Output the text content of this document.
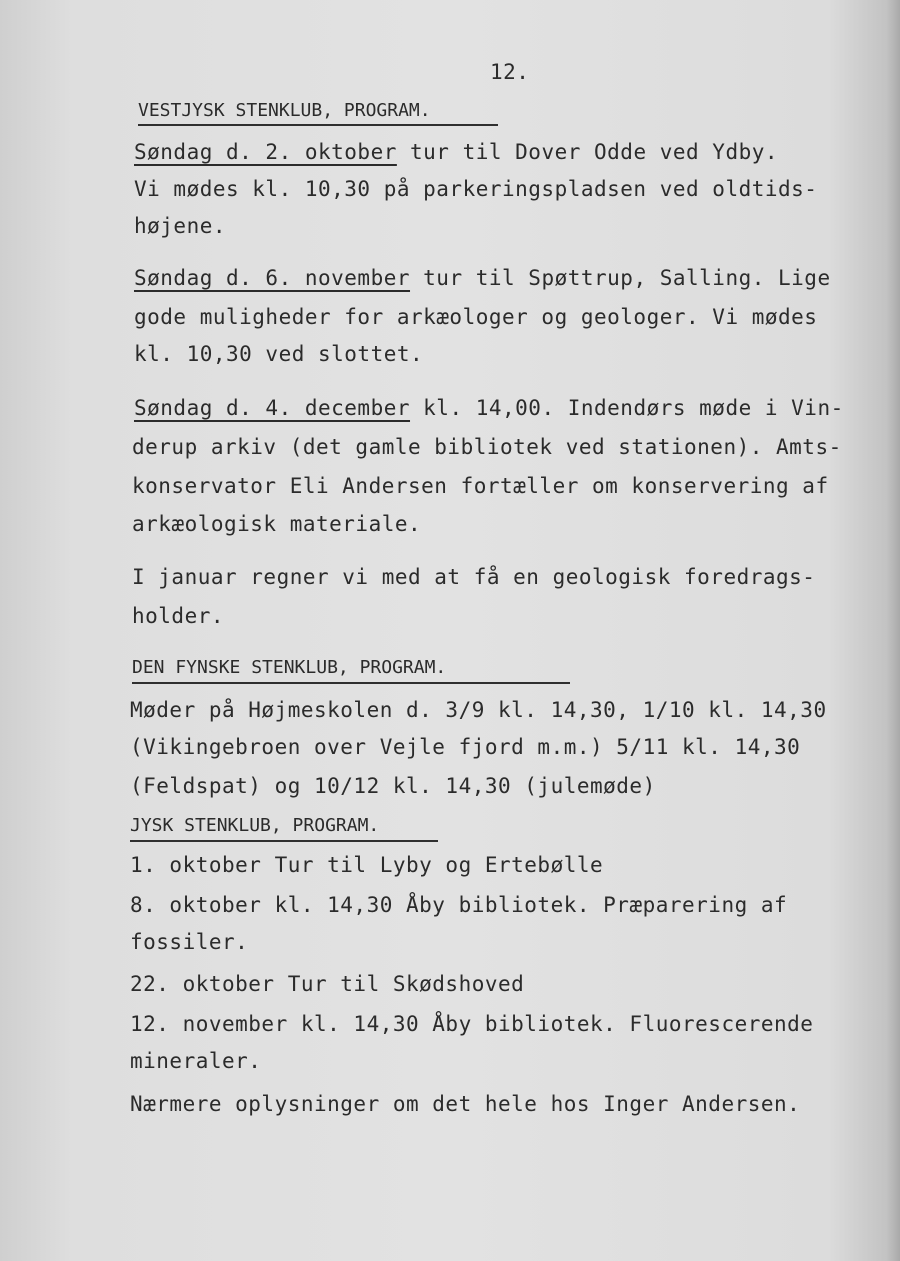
12.
VESTJYSK STENKLUB, PROGRAM.
Søndag d. 2. oktober tur til Dover Odde ved Ydby.
Vi mødes kl. 10,30 på parkeringspladsen ved oldtids-
højene.
Søndag d. 6. november tur til Spøttrup, Salling. Lige
gode muligheder for arkæologer og geologer. Vi mødes
kl. 10,30 ved slottet.
Søndag d. 4. december kl. 14,00. Indendørs møde i Vin-
derup arkiv (det gamle bibliotek ved stationen). Amts-
konservator Eli Andersen fortæller om konservering af
arkæologisk materiale.
I januar regner vi med at få en geologisk foredrags-
holder.
DEN FYNSKE STENKLUB, PROGRAM.
Møder på Højmeskolen d. 3/9 kl. 14,30, 1/10 kl. 14,30
(Vikingebroen over Vejle fjord m.m.) 5/11 kl. 14,30
(Feldspat) og 10/12 kl. 14,30 (julemøde)
JYSK STENKLUB, PROGRAM.
1. oktober Tur til Lyby og Ertebølle
8. oktober kl. 14,30 Åby bibliotek. Præparering af
fossiler.
22. oktober Tur til Skødshoved
12. november kl. 14,30 Åby bibliotek. Fluorescerende
mineraler.
Nærmere oplysninger om det hele hos Inger Andersen.
